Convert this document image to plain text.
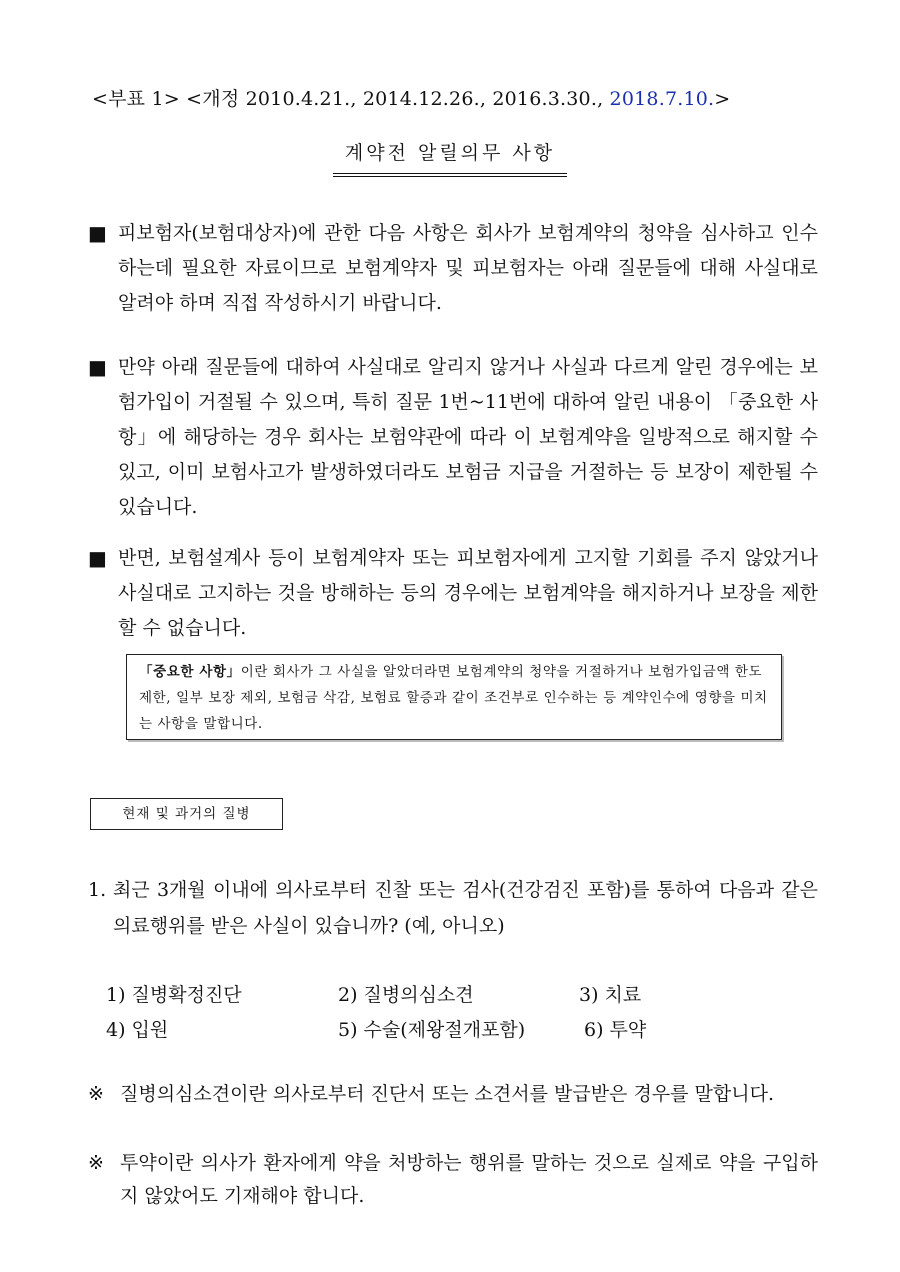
<부표 1> <개정 2010.4.21., 2014.12.26., 2016.3.30., 2018.7.10.>
계약전 알릴의무 사항
■ 피보험자(보험대상자)에 관한 다음 사항은 회사가 보험계약의 청약을 심사하고 인수하는데 필요한 자료이므로 보험계약자 및 피보험자는 아래 질문들에 대해 사실대로 알려야 하며 직접 작성하시기 바랍니다.
■ 만약 아래 질문들에 대하여 사실대로 알리지 않거나 사실과 다르게 알린 경우에는 보험가입이 거절될 수 있으며, 특히 질문 1번~11번에 대하여 알린 내용이 「중요한 사항」에 해당하는 경우 회사는 보험약관에 따라 이 보험계약을 일방적으로 해지할 수 있고, 이미 보험사고가 발생하였더라도 보험금 지급을 거절하는 등 보장이 제한될 수 있습니다.
■ 반면, 보험설계사 등이 보험계약자 또는 피보험자에게 고지할 기회를 주지 않았거나 사실대로 고지하는 것을 방해하는 등의 경우에는 보험계약을 해지하거나 보장을 제한할 수 없습니다.
「중요한 사항」이란 회사가 그 사실을 알았더라면 보험계약의 청약을 거절하거나 보험가입금액 한도 제한, 일부 보장 제외, 보험금 삭감, 보험료 할증과 같이 조건부로 인수하는 등 계약인수에 영향을 미치는 사항을 말합니다.
현재 및 과거의 질병
1. 최근 3개월 이내에 의사로부터 진찰 또는 검사(건강검진 포함)를 통하여 다음과 같은 의료행위를 받은 사실이 있습니까? (예, 아니오)
1) 질병확정진단	2) 질병의심소견	3) 치료
4) 입원	5) 수술(제왕절개포함)	6) 투약
※ 질병의심소견이란 의사로부터 진단서 또는 소견서를 발급받은 경우를 말합니다.
※ 투약이란 의사가 환자에게 약을 처방하는 행위를 말하는 것으로 실제로 약을 구입하지 않았어도 기재해야 합니다.
